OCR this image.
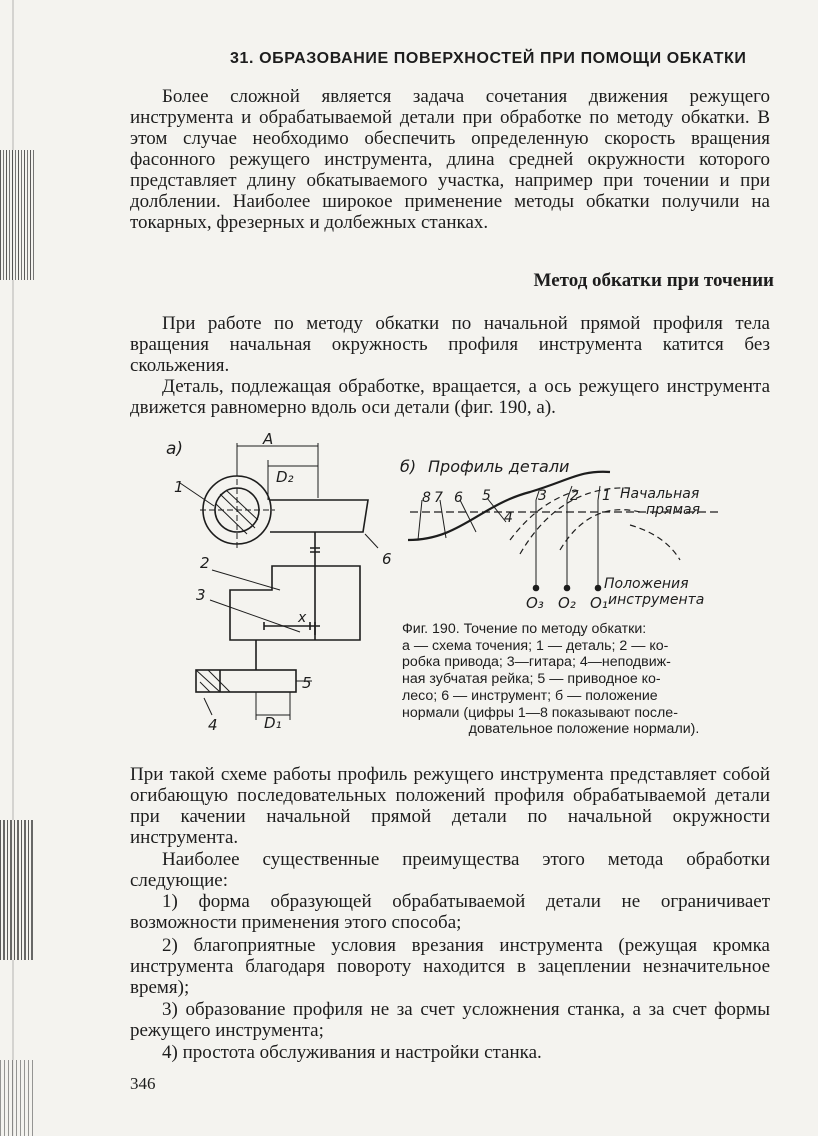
31. ОБРАЗОВАНИЕ ПОВЕРХНОСТЕЙ ПРИ ПОМОЩИ ОБКАТКИ

Более сложной является задача сочетания движения режущего инструмента и обрабатываемой детали при обработке по методу обкатки. В этом случае необходимо обеспечить определенную скорость вращения фасонного режущего инструмента, длина средней окружности которого представляет длину обкатываемого участка, например при точении и при долблении. Наиболее широкое применение методы обкатки получили на токарных, фрезерных и долбежных станках.

Метод обкатки при точении

При работе по методу обкатки по начальной прямой профиля тела вращения начальная окружность профиля инструмента катится без скольжения.

Деталь, подлежащая обработке, вращается, а ось режущего инструмента движется равномерно вдоль оси детали (фиг. 190, а).

а)	A
D₂
1
2
3
4
5
6
x
D₁
б) Профиль детали
8 7 6 5
4
3 2 1 Начальная
прямая
Положения
инструмента
O₃ O₂ O₁

Фиг. 190. Точение по методу обкатки:
а — схема точения; 1 — деталь; 2 — ко-
робка привода; 3—гитара; 4—неподвиж-
ная зубчатая рейка; 5 — приводное ко-
лесо; 6 — инструмент; б — положение
нормали (цифры 1—8 показывают после-
довательное положение нормали).

При такой схеме работы профиль режущего инструмента представляет собой огибающую последовательных положений профиля обрабатываемой детали при качении начальной прямой детали по начальной окружности инструмента.

Наиболее существенные преимущества этого метода обработки следующие:

1) форма образующей обрабатываемой детали не ограничивает возможности применения этого способа;

2) благоприятные условия врезания инструмента (режущая кромка инструмента благодаря повороту находится в зацеплении незначительное время);

3) образование профиля не за счет усложнения станка, а за счет формы режущего инструмента;

4) простота обслуживания и настройки станка.

346
